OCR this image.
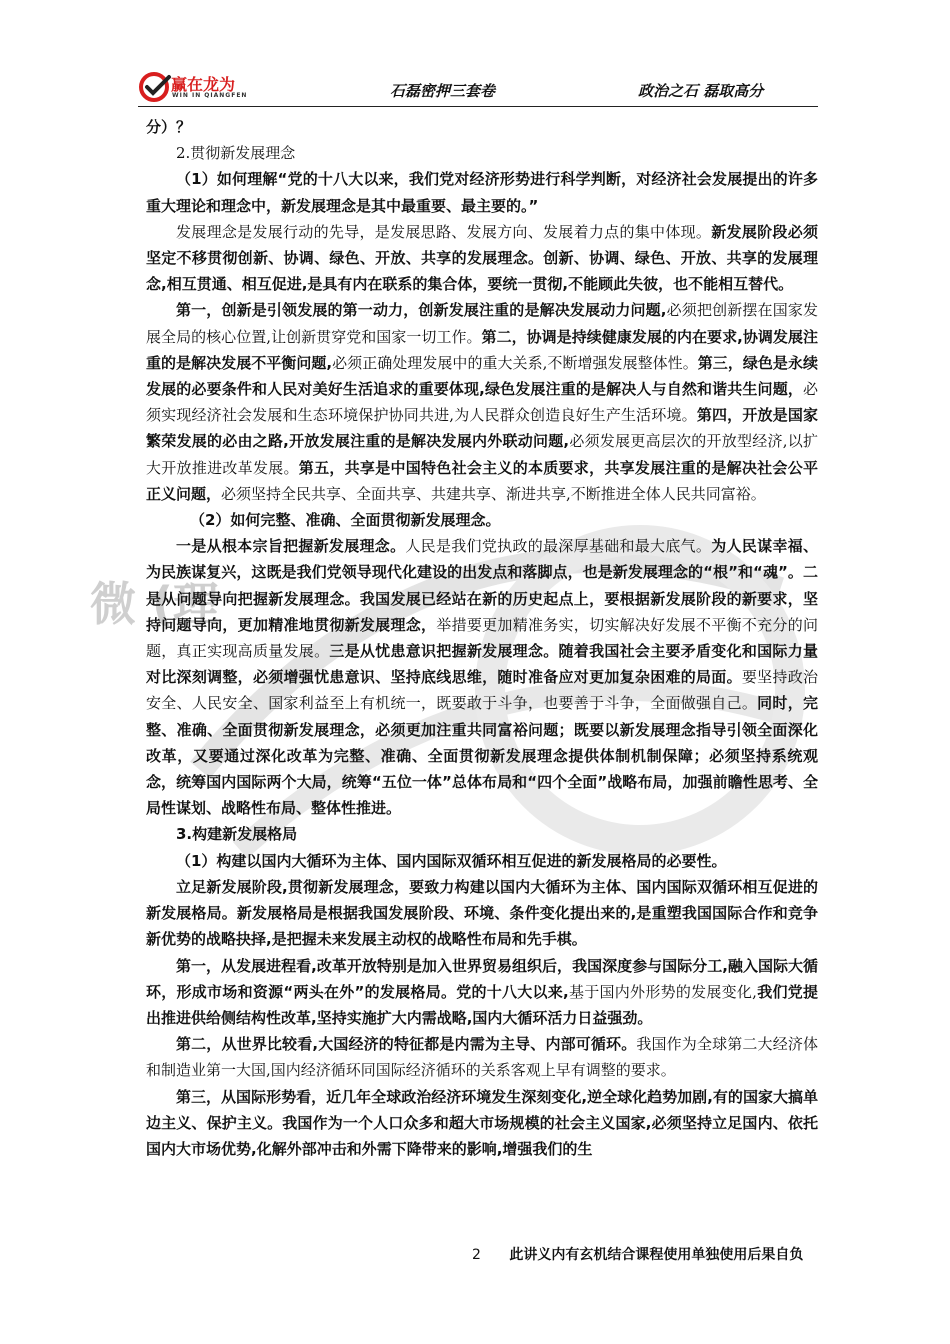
微 (理
赢在龙为
WIN IN QIANGFEN	石磊密押三套卷	政治之石 磊取高分

分）？

2.贯彻新发展理念

（1）如何理解“党的十八大以来，我们党对经济形势进行科学判断，对经济社会发展提出的许多重大理论和理念中，新发展理念是其中最重要、最主要的。”

发展理念是发展行动的先导，是发展思路、发展方向、发展着力点的集中体现。新发展阶段必须坚定不移贯彻创新、协调、绿色、开放、共享的发展理念。创新、协调、绿色、开放、共享的发展理念,相互贯通、相互促进,是具有内在联系的集合体，要统一贯彻,不能顾此失彼，也不能相互替代。

第一，创新是引领发展的第一动力，创新发展注重的是解决发展动力问题,必须把创新摆在国家发展全局的核心位置,让创新贯穿党和国家一切工作。第二，协调是持续健康发展的内在要求,协调发展注重的是解决发展不平衡问题,必须正确处理发展中的重大关系,不断增强发展整体性。第三，绿色是永续发展的必要条件和人民对美好生活追求的重要体现,绿色发展注重的是解决人与自然和谐共生问题，必须实现经济社会发展和生态环境保护协同共进,为人民群众创造良好生产生活环境。第四，开放是国家繁荣发展的必由之路,开放发展注重的是解决发展内外联动问题,必须发展更高层次的开放型经济,以扩大开放推进改革发展。第五，共享是中国特色社会主义的本质要求，共享发展注重的是解决社会公平正义问题，必须坚持全民共享、全面共享、共建共享、渐进共享,不断推进全体人民共同富裕。

（2）如何完整、准确、全面贯彻新发展理念。

一是从根本宗旨把握新发展理念。人民是我们党执政的最深厚基础和最大底气。为人民谋幸福、为民族谋复兴，这既是我们党领导现代化建设的出发点和落脚点，也是新发展理念的“根”和“魂”。二是从问题导向把握新发展理念。我国发展已经站在新的历史起点上，要根据新发展阶段的新要求，坚持问题导向，更加精准地贯彻新发展理念，举措要更加精准务实，切实解决好发展不平衡不充分的问题，真正实现高质量发展。三是从忧患意识把握新发展理念。随着我国社会主要矛盾变化和国际力量对比深刻调整，必须增强忧患意识、坚持底线思维，随时准备应对更加复杂困难的局面。要坚持政治安全、人民安全、国家利益至上有机统一，既要敢于斗争，也要善于斗争，全面做强自己。同时，完整、准确、全面贯彻新发展理念，必须更加注重共同富裕问题；既要以新发展理念指导引领全面深化改革，又要通过深化改革为完整、准确、全面贯彻新发展理念提供体制机制保障；必须坚持系统观念，统筹国内国际两个大局，统筹“五位一体”总体布局和“四个全面”战略布局，加强前瞻性思考、全局性谋划、战略性布局、整体性推进。

3.构建新发展格局

（1）构建以国内大循环为主体、国内国际双循环相互促进的新发展格局的必要性。

立足新发展阶段,贯彻新发展理念，要致力构建以国内大循环为主体、国内国际双循环相互促进的新发展格局。新发展格局是根据我国发展阶段、环境、条件变化提出来的,是重塑我国国际合作和竞争新优势的战略抉择,是把握未来发展主动权的战略性布局和先手棋。

第一，从发展进程看,改革开放特别是加入世界贸易组织后，我国深度参与国际分工,融入国际大循环，形成市场和资源“两头在外”的发展格局。党的十八大以来,基于国内外形势的发展变化,我们党提出推进供给侧结构性改革,坚持实施扩大内需战略,国内大循环活力日益强劲。

第二，从世界比较看,大国经济的特征都是内需为主导、内部可循环。我国作为全球第二大经济体和制造业第一大国,国内经济循环同国际经济循环的关系客观上早有调整的要求。

第三，从国际形势看，近几年全球政治经济环境发生深刻变化,逆全球化趋势加剧,有的国家大搞单边主义、保护主义。我国作为一个人口众多和超大市场规模的社会主义国家,必须坚持立足国内、依托国内大市场优势,化解外部冲击和外需下降带来的影响,增强我们的生

2 此讲义内有玄机结合课程使用单独使用后果自负
